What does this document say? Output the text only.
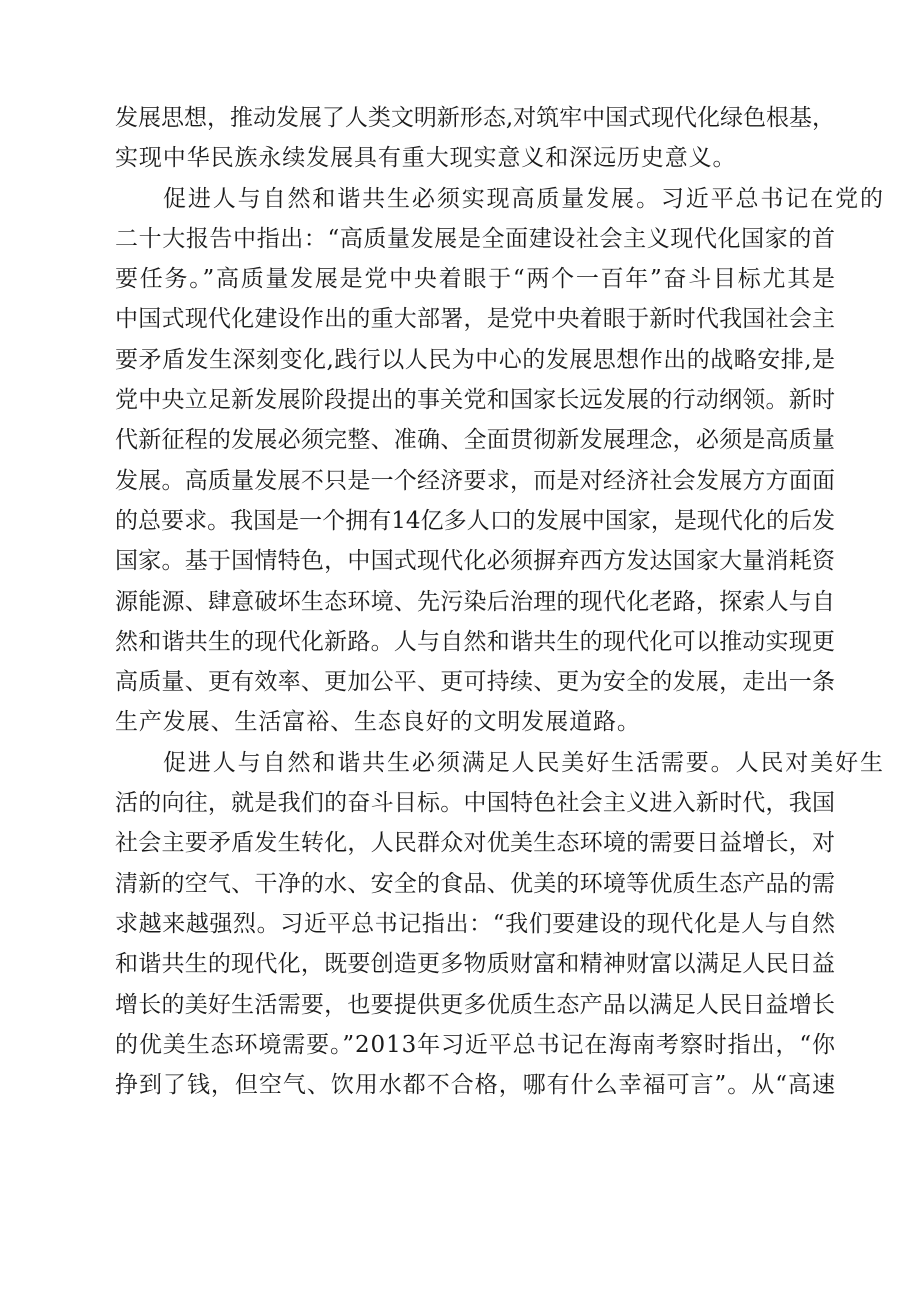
发展思想，推动发展了人类文明新形态,对筑牢中国式现代化绿色根基，
实现中华民族永续发展具有重大现实意义和深远历史意义。
促进人与自然和谐共生必须实现高质量发展。习近平总书记在党的
二十大报告中指出：“高质量发展是全面建设社会主义现代化国家的首
要任务。”高质量发展是党中央着眼于“两个一百年”奋斗目标尤其是
中国式现代化建设作出的重大部署，是党中央着眼于新时代我国社会主
要矛盾发生深刻变化,践行以人民为中心的发展思想作出的战略安排,是
党中央立足新发展阶段提出的事关党和国家长远发展的行动纲领。新时
代新征程的发展必须完整、准确、全面贯彻新发展理念，必须是高质量
发展。高质量发展不只是一个经济要求，而是对经济社会发展方方面面
的总要求。我国是一个拥有14亿多人口的发展中国家，是现代化的后发
国家。基于国情特色，中国式现代化必须摒弃西方发达国家大量消耗资
源能源、肆意破坏生态环境、先污染后治理的现代化老路，探索人与自
然和谐共生的现代化新路。人与自然和谐共生的现代化可以推动实现更
高质量、更有效率、更加公平、更可持续、更为安全的发展，走出一条
生产发展、生活富裕、生态良好的文明发展道路。
促进人与自然和谐共生必须满足人民美好生活需要。人民对美好生
活的向往，就是我们的奋斗目标。中国特色社会主义进入新时代，我国
社会主要矛盾发生转化，人民群众对优美生态环境的需要日益增长，对
清新的空气、干净的水、安全的食品、优美的环境等优质生态产品的需
求越来越强烈。习近平总书记指出：“我们要建设的现代化是人与自然
和谐共生的现代化，既要创造更多物质财富和精神财富以满足人民日益
增长的美好生活需要，也要提供更多优质生态产品以满足人民日益增长
的优美生态环境需要。”2013年习近平总书记在海南考察时指出，“你
挣到了钱，但空气、饮用水都不合格，哪有什么幸福可言”。从“高速
